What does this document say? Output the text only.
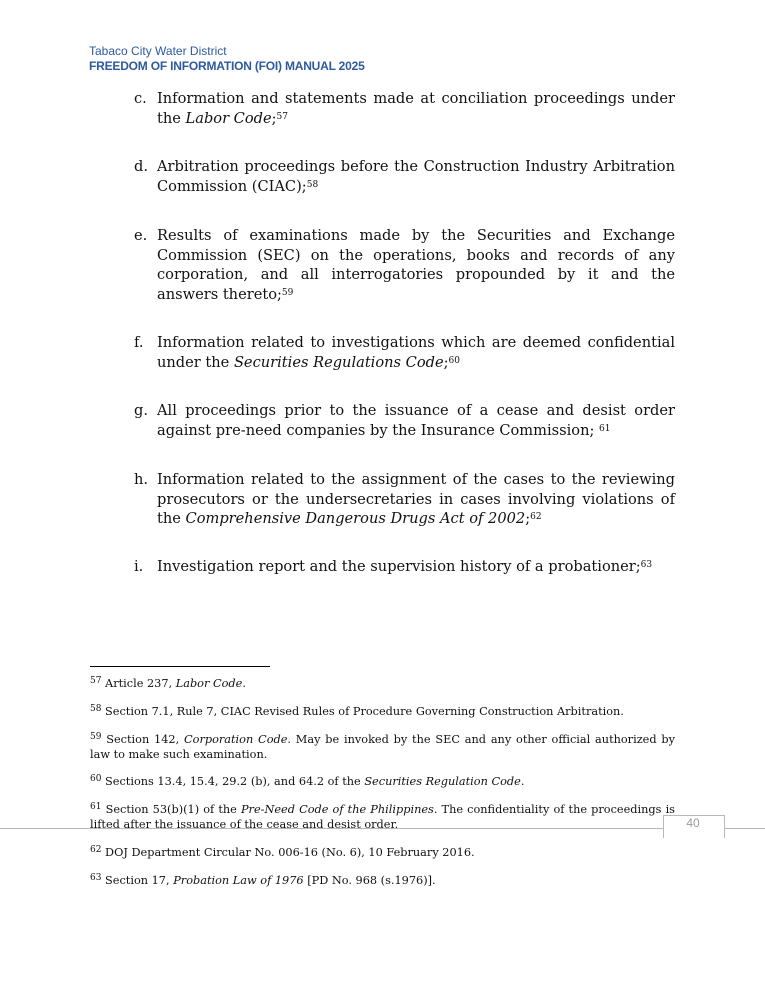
Tabaco City Water District
FREEDOM OF INFORMATION (FOI) MANUAL 2025
c. Information and statements made at conciliation proceedings under the Labor Code;$^{57}$
d. Arbitration proceedings before the Construction Industry Arbitration Commission (CIAC);$^{58}$
e. Results of examinations made by the Securities and Exchange Commission (SEC) on the operations, books and records of any corporation, and all interrogatories propounded by it and the answers thereto;$^{59}$
f. Information related to investigations which are deemed confidential under the Securities Regulations Code;$^{60}$
g. All proceedings prior to the issuance of a cease and desist order against pre-need companies by the Insurance Commission; $^{61}$
h. Information related to the assignment of the cases to the reviewing prosecutors or the undersecretaries in cases involving violations of the Comprehensive Dangerous Drugs Act of 2002;$^{62}$
i. Investigation report and the supervision history of a probationer;$^{63}$
$^{57}$ Article 237, Labor Code.
$^{58}$ Section 7.1, Rule 7, CIAC Revised Rules of Procedure Governing Construction Arbitration.
$^{59}$ Section 142, Corporation Code. May be invoked by the SEC and any other official authorized by law to make such examination.
$^{60}$ Sections 13.4, 15.4, 29.2 (b), and 64.2 of the Securities Regulation Code.
40
$^{61}$ Section 53(b)(1) of the Pre-Need Code of the Philippines. The confidentiality of the proceedings is lifted after the issuance of the cease and desist order.
$^{62}$ DOJ Department Circular No. 006-16 (No. 6), 10 February 2016.
$^{63}$ Section 17, Probation Law of 1976 [PD No. 968 (s.1976)].
